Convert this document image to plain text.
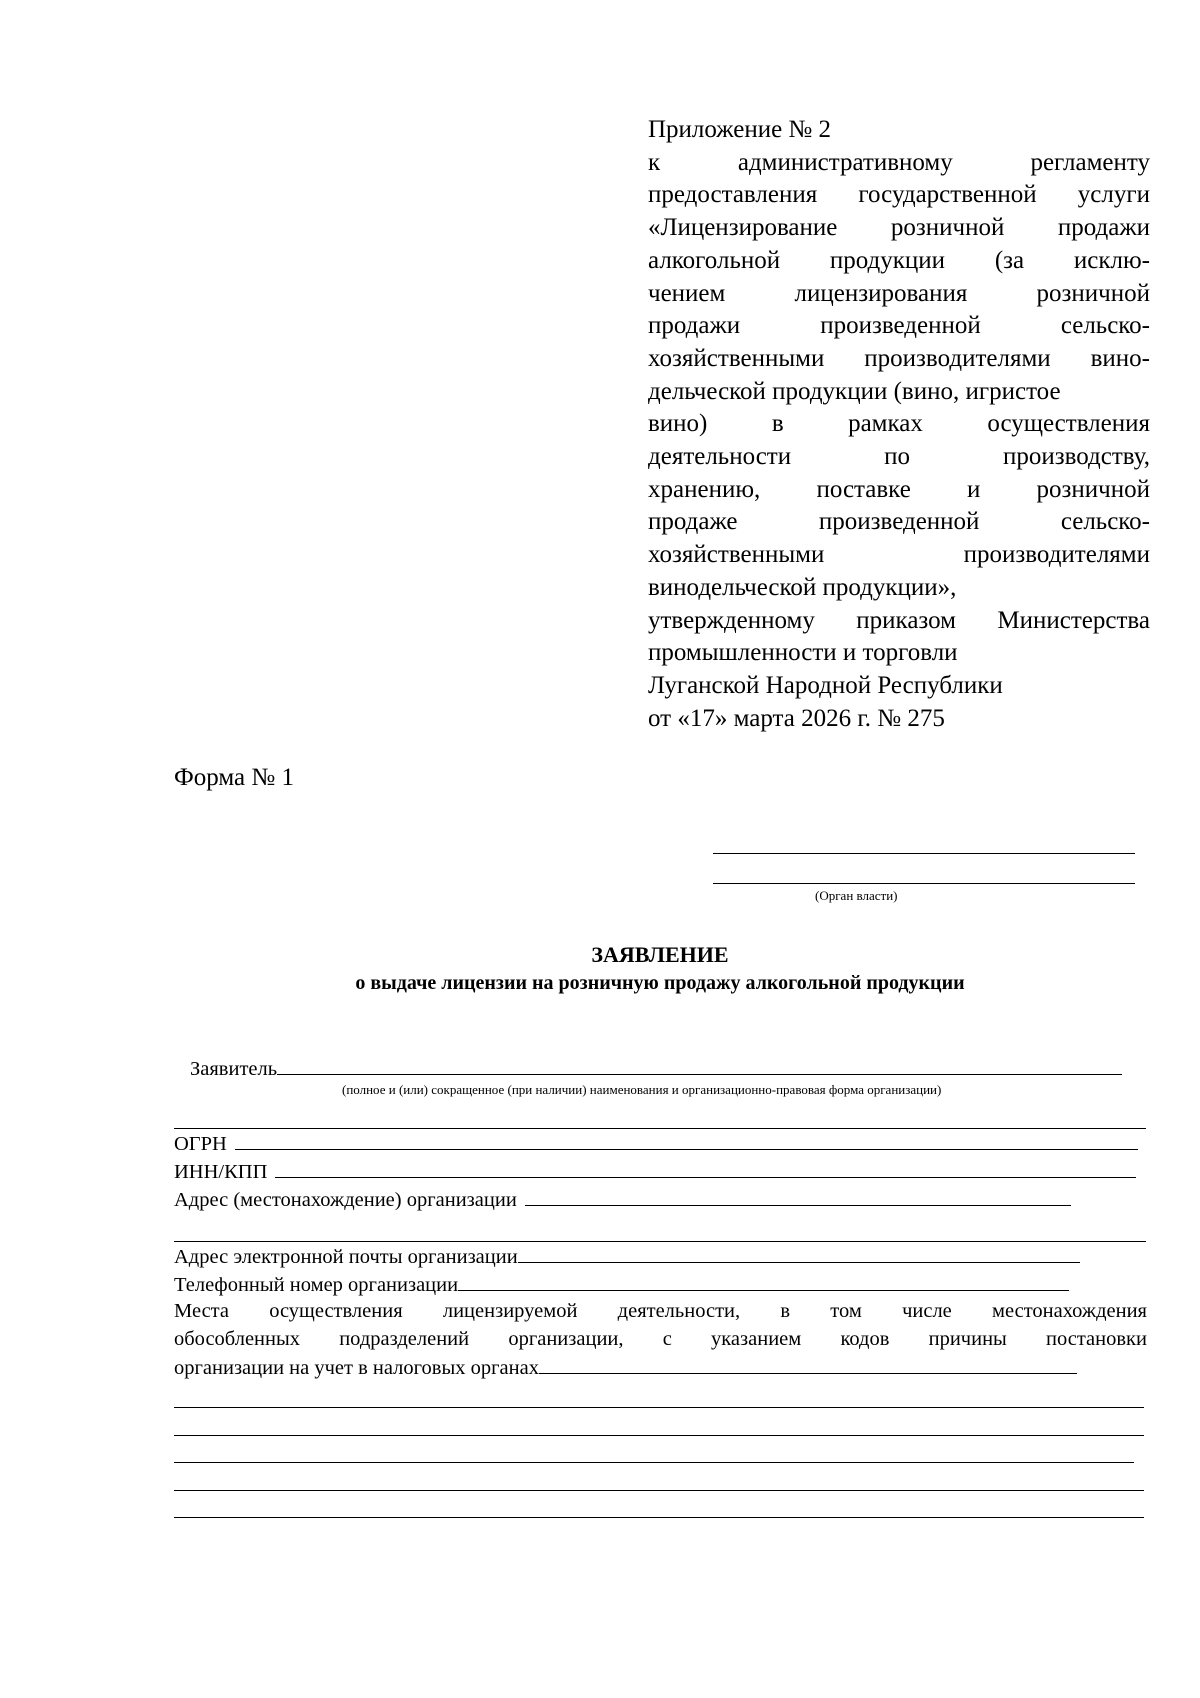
Приложение № 2
к административному регламенту
предоставления государственной услуги
«Лицензирование розничной продажи
алкогольной продукции (за исклю-
чением лицензирования розничной
продажи произведенной сельско-
хозяйственными производителями вино-
дельческой продукции (вино, игристое
вино) в рамках осуществления
деятельности по производству,
хранению, поставке и розничной
продаже произведенной сельско-
хозяйственными производителями
винодельческой продукции»,
утвержденному приказом Министерства
промышленности и торговли
Луганской Народной Республики
от «17» марта 2026 г. № 275
Форма № 1
(Орган власти)
ЗАЯВЛЕНИЕ
о выдаче лицензии на розничную продажу алкогольной продукции
Заявитель
(полное и (или) сокращенное (при наличии) наименования и организационно-правовая форма организации)
ОГРН
ИНН/КПП
Адрес (местонахождение) организации
Адрес электронной почты организации
Телефонный номер организации
Места осуществления лицензируемой деятельности, в том числе местонахождения
обособленных подразделений организации, с указанием кодов причины постановки
организации на учет в налоговых органах
